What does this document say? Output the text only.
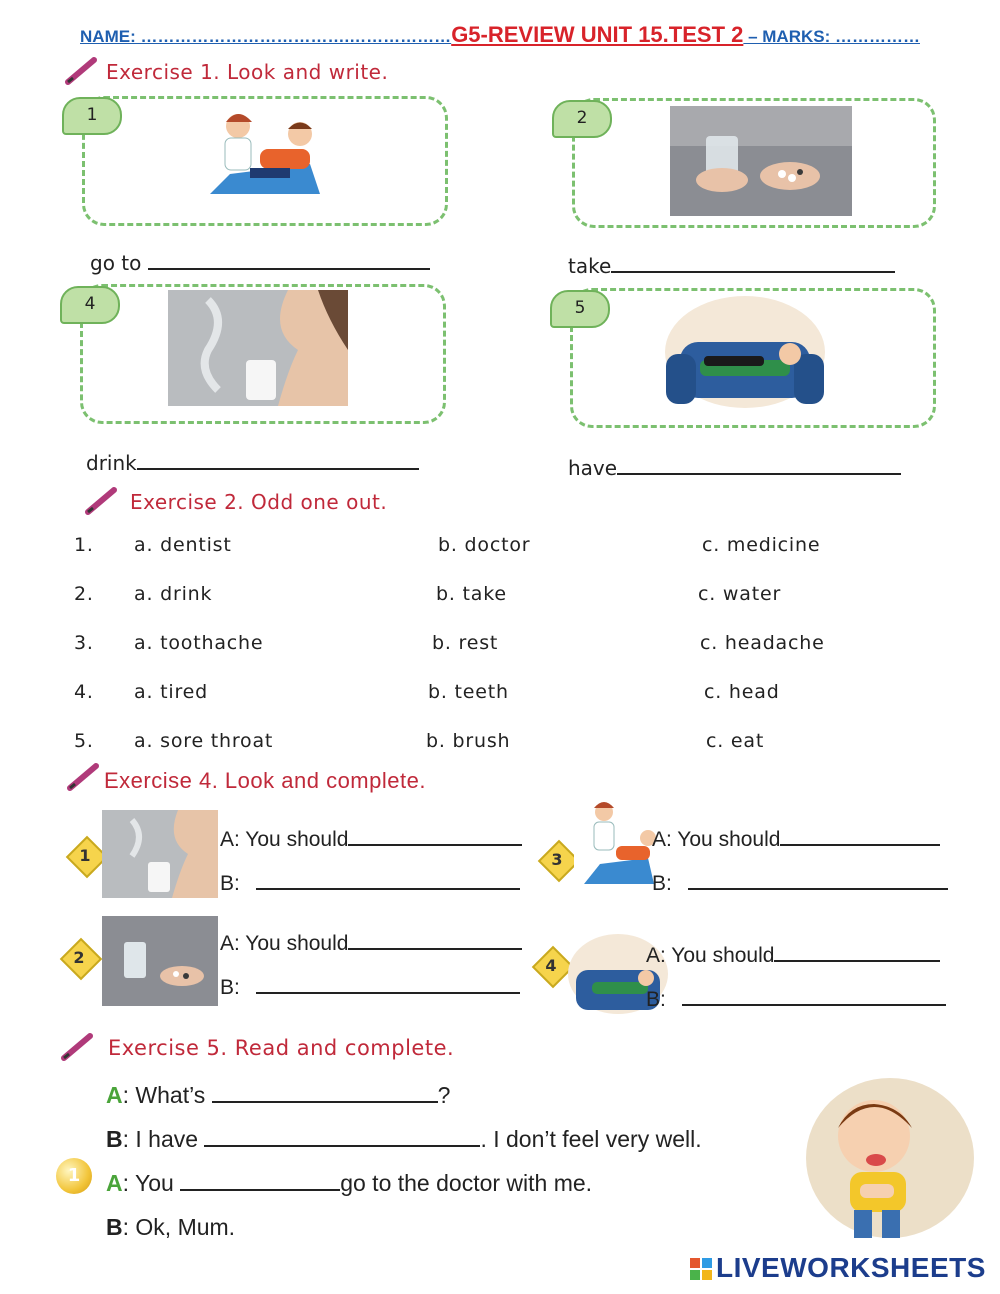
NAME: ……………………………….………………G5-REVIEW UNIT 15.TEST 2 – MARKS: ……………
Exercise 1. Look and write.
1	2
go to	take
4	5
drink	have
Exercise 2. Odd one out.
1. a. dentist	b. doctor	c. medicine
2. a. drink	b. take	c. water
3. a. toothache	b. rest	c. headache
4. a. tired	b. teeth	c. head
5. a. sore throat	b. brush	c. eat
Exercise 4. Look and complete.
1
A: You should
B:
3
A: You should
B:
2
A: You should
B:
4	A: You should
B:
Exercise 5. Read and complete.
A: What’s	?
B: I have	. I don’t feel very well.
1	A: You	go to the doctor with me.
B: Ok, Mum.
LIVEWORKSHEETS
